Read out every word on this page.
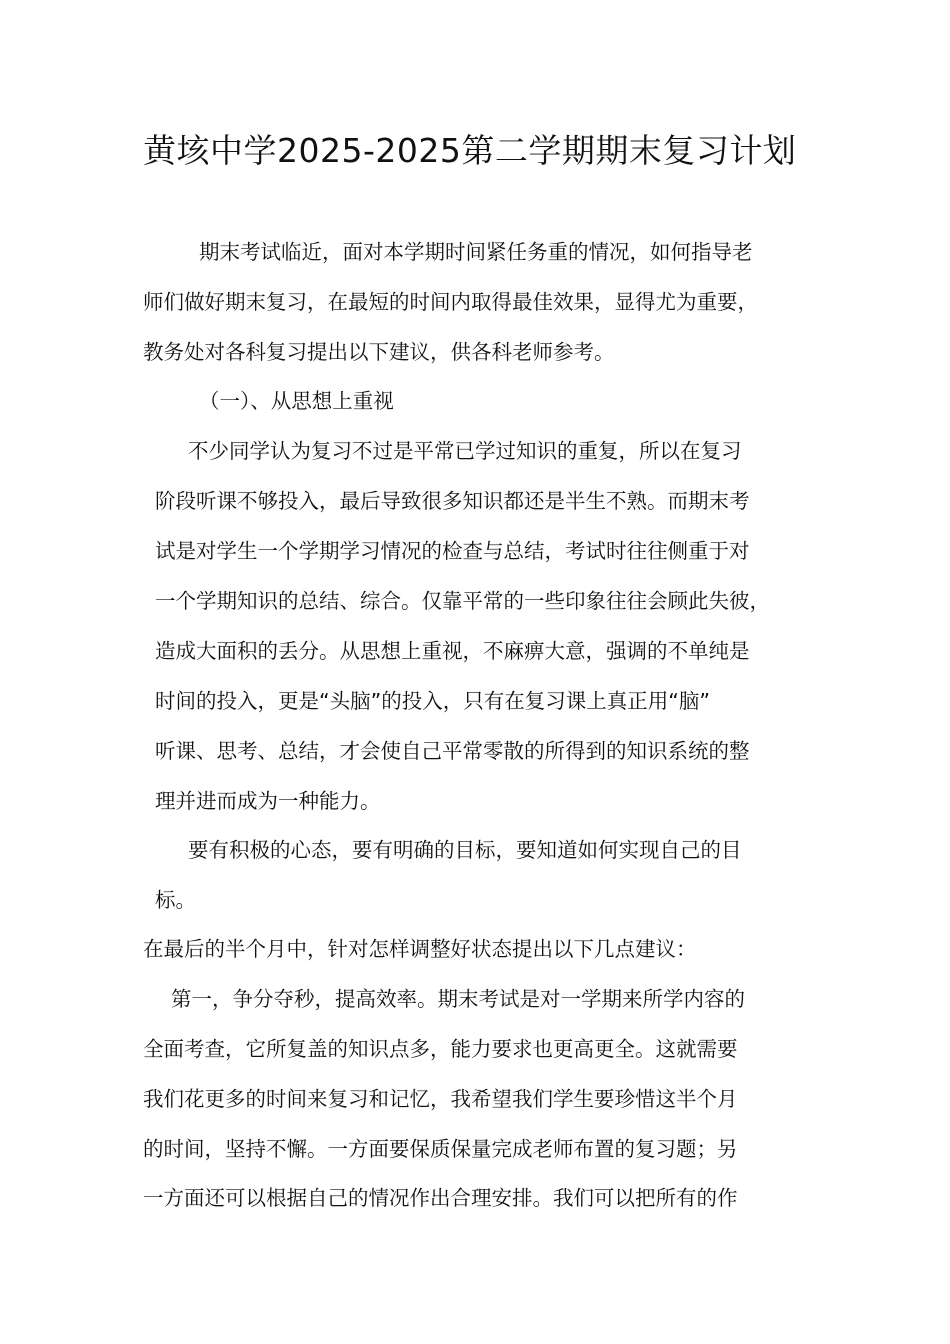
黄垓中学2025-2025第二学期期末复习计划

期末考试临近，面对本学期时间紧任务重的情况，如何指导老

师们做好期末复习，在最短的时间内取得最佳效果，显得尤为重要，

教务处对各科复习提出以下建议，供各科老师参考。

（一）、从思想上重视

不少同学认为复习不过是平常已学过知识的重复，所以在复习

阶段听课不够投入，最后导致很多知识都还是半生不熟。而期末考

试是对学生一个学期学习情况的检查与总结，考试时往往侧重于对

一个学期知识的总结、综合。仅靠平常的一些印象往往会顾此失彼，

造成大面积的丢分。从思想上重视，不麻痹大意，强调的不单纯是

时间的投入，更是“头脑”的投入，只有在复习课上真正用“脑”

听课、思考、总结，才会使自己平常零散的所得到的知识系统的整

理并进而成为一种能力。

要有积极的心态，要有明确的目标，要知道如何实现自己的目

标。

在最后的半个月中，针对怎样调整好状态提出以下几点建议：

第一，争分夺秒，提高效率。期末考试是对一学期来所学内容的

全面考查，它所复盖的知识点多，能力要求也更高更全。这就需要

我们花更多的时间来复习和记忆，我希望我们学生要珍惜这半个月

的时间，坚持不懈。一方面要保质保量完成老师布置的复习题；另

一方面还可以根据自己的情况作出合理安排。我们可以把所有的作
